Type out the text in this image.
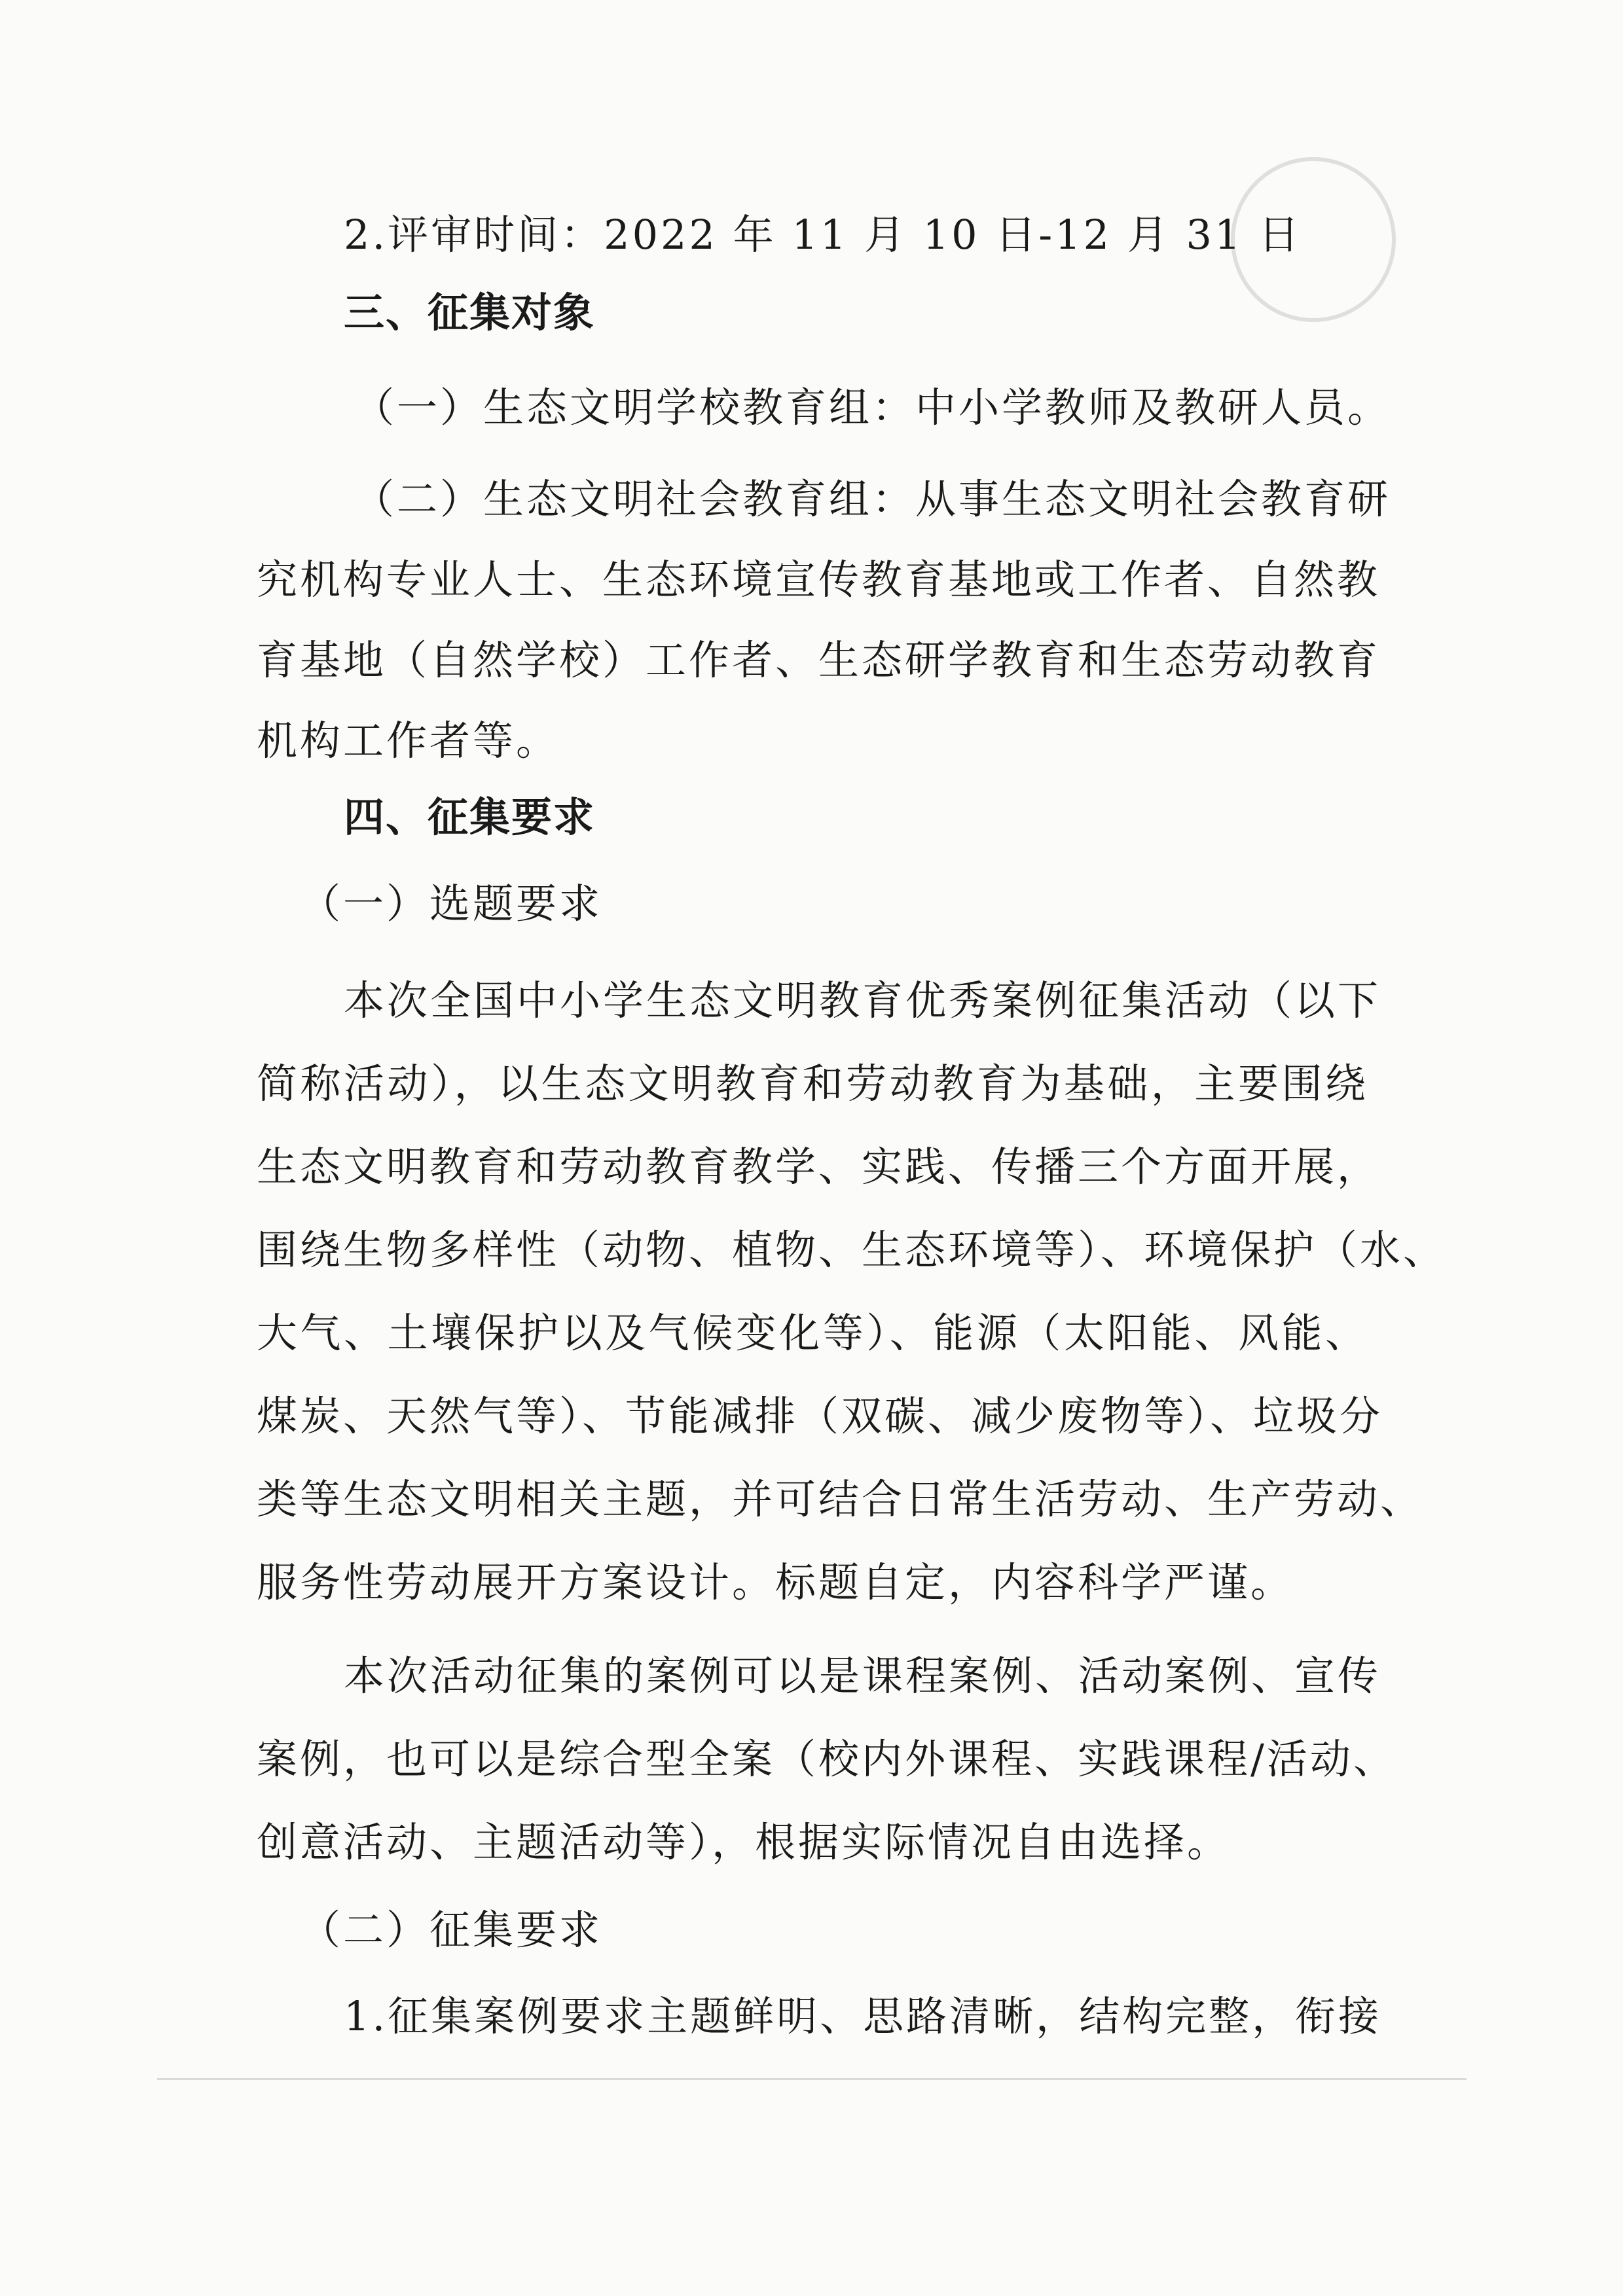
2.评审时间：2022 年 11 月 10 日-12 月 31 日
三、征集对象
（一）生态文明学校教育组：中小学教师及教研人员。
（二）生态文明社会教育组：从事生态文明社会教育研
究机构专业人士、生态环境宣传教育基地或工作者、自然教
育基地（自然学校）工作者、生态研学教育和生态劳动教育
机构工作者等。
四、征集要求
（一）选题要求
本次全国中小学生态文明教育优秀案例征集活动（以下
简称活动），以生态文明教育和劳动教育为基础，主要围绕
生态文明教育和劳动教育教学、实践、传播三个方面开展，
围绕生物多样性（动物、植物、生态环境等）、环境保护（水、
大气、土壤保护以及气候变化等）、能源（太阳能、风能、
煤炭、天然气等）、节能减排（双碳、减少废物等）、垃圾分
类等生态文明相关主题，并可结合日常生活劳动、生产劳动、
服务性劳动展开方案设计。标题自定，内容科学严谨。
本次活动征集的案例可以是课程案例、活动案例、宣传
案例，也可以是综合型全案（校内外课程、实践课程/活动、
创意活动、主题活动等），根据实际情况自由选择。
（二）征集要求
1.征集案例要求主题鲜明、思路清晰，结构完整，衔接
